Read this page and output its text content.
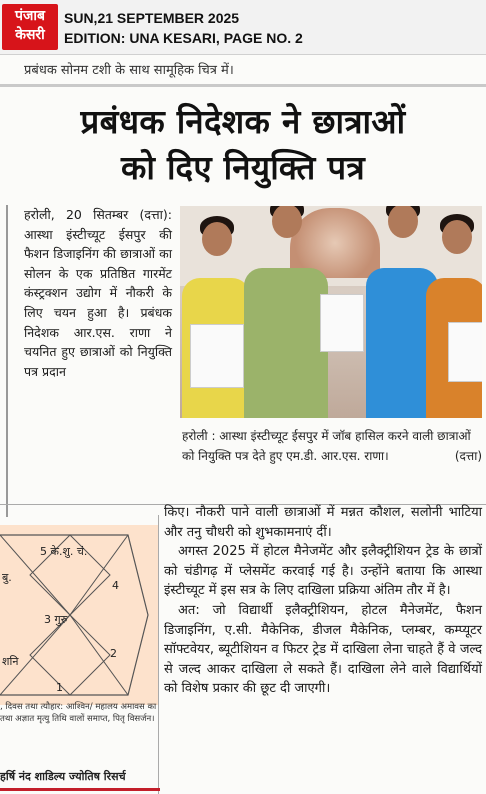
पंजाब
केसरी
SUN,21 SEPTEMBER 2025
EDITION: UNA KESARI, PAGE NO. 2
प्रबंधक सोनम टशी के साथ सामूहिक चित्र में।
प्रबंधक निदेशक ने छात्राओं
को दिए नियुक्ति पत्र
हरोली, 20 सितम्बर (दत्ता): आस्था इंस्टीच्यूट ईसपुर की फैशन डिजाइनिंग की छात्राओं का सोलन के एक प्रतिष्ठित गारमेंट कंस्ट्रक्शन उद्योग में नौकरी के लिए चयन हुआ है। प्रबंधक निदेशक आर.एस. राणा ने चयनित हुए छात्राओं को नियुक्ति पत्र प्रदान
हरोली : आस्था इंस्टीच्यूट ईसपुर में जॉब हासिल करने वाली छात्राओं को नियुक्ति पत्र देते हुए एम.डी. आर.एस. राणा।	(दत्ता)

किए। नौकरी पाने वाली छात्राओं में मन्नत कौशल, सलोनी भाटिया और तनु चौधरी को शुभकामनाएं दीं।

अगस्त 2025 में होटल मैनेजमेंट और इलैक्ट्रीशियन ट्रेड के छात्रों को चंडीगढ़ में प्लेसमेंट करवाई गई है। उन्होंने बताया कि आस्था इंस्टीच्यूट में इस सत्र के लिए दाखिला प्रक्रिया अंतिम तौर में है।

अत: जो विद्यार्थी इलैक्ट्रीशियन, होटल मैनेजमेंट, फैशन डिजाइनिंग, ए.सी. मैकेनिक, डीजल मैकेनिक, प्लम्बर, कम्प्यूटर सॉफ्टवेयर, ब्यूटीशियन व फिटर ट्रेड में दाखिला लेना चाहते हैं वे जल्द से जल्द आकर दाखिला ले सकते हैं। दाखिला लेने वाले विद्यार्थियों को विशेष प्रकार की छूट दी जाएगी।

5 के.शु. चं.
बु.
4
3 गुरु
शनि
2
1
, दिवस तथा त्यौहार: आश्विन/ महालय अमावस का तथा अज्ञात मृत्यु तिथि वालों समाप्त, पितृ विसर्जन।
हर्षि नंद शाडिल्य ज्योतिष रिसर्च
